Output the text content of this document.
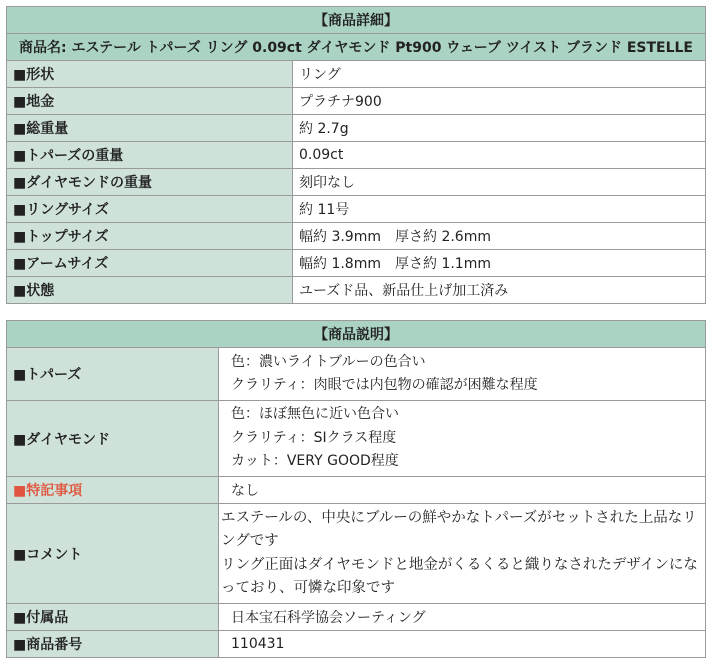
【商品詳細】	
商品名: エステール トパーズ リング 0.09ct ダイヤモンド Pt900 ウェーブ ツイスト ブランド ESTELLE	
■形状	リング
■地金	プラチナ900
■総重量	約 2.7g
■トパーズの重量	0.09ct
■ダイヤモンドの重量	刻印なし
■リングサイズ	約 11号
■トップサイズ	幅約 3.9mm　厚さ約 2.6mm
■アームサイズ	幅約 1.8mm　厚さ約 1.1mm
■状態	ユーズド品、新品仕上げ加工済み
【商品説明】	
■トパーズ	色：濃いライトブルーの色合い
クラリティ：肉眼では内包物の確認が困難な程度

■ダイヤモンド	色：ほぼ無色に近い色合い
クラリティ：SIクラス程度
カット：VERY GOOD程度

■特記事項	なし
■コメント	エステールの、中央にブルーの鮮やかなトパーズがセットされた上品なリングです
リング正面はダイヤモンドと地金がくるくると織りなされたデザインになっており、可憐な印象です
■付属品	日本宝石科学協会ソーティング
■商品番号	110431
